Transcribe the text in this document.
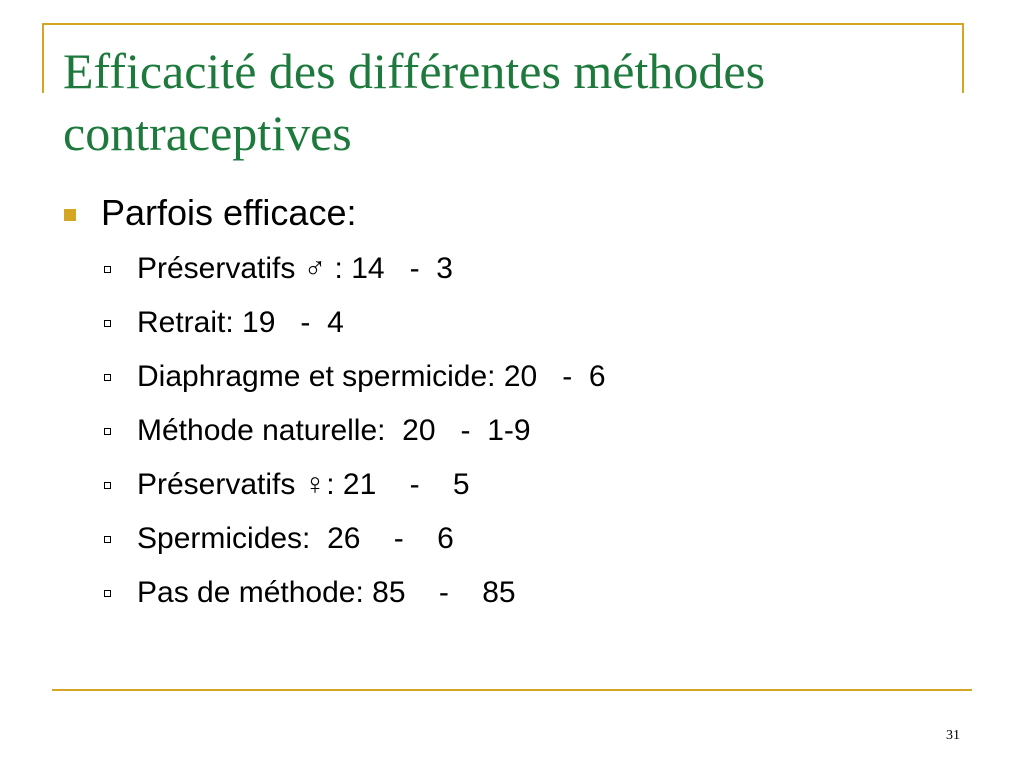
Efficacité des différentes méthodes contraceptives
Parfois efficace:
Préservatifs ♂ : 14   -  3
Retrait: 19   -  4
Diaphragme et spermicide: 20   -  6
Méthode naturelle:  20   -  1-9
Préservatifs ♀: 21    -    5
Spermicides:  26    -    6
Pas de méthode: 85    -    85
31
